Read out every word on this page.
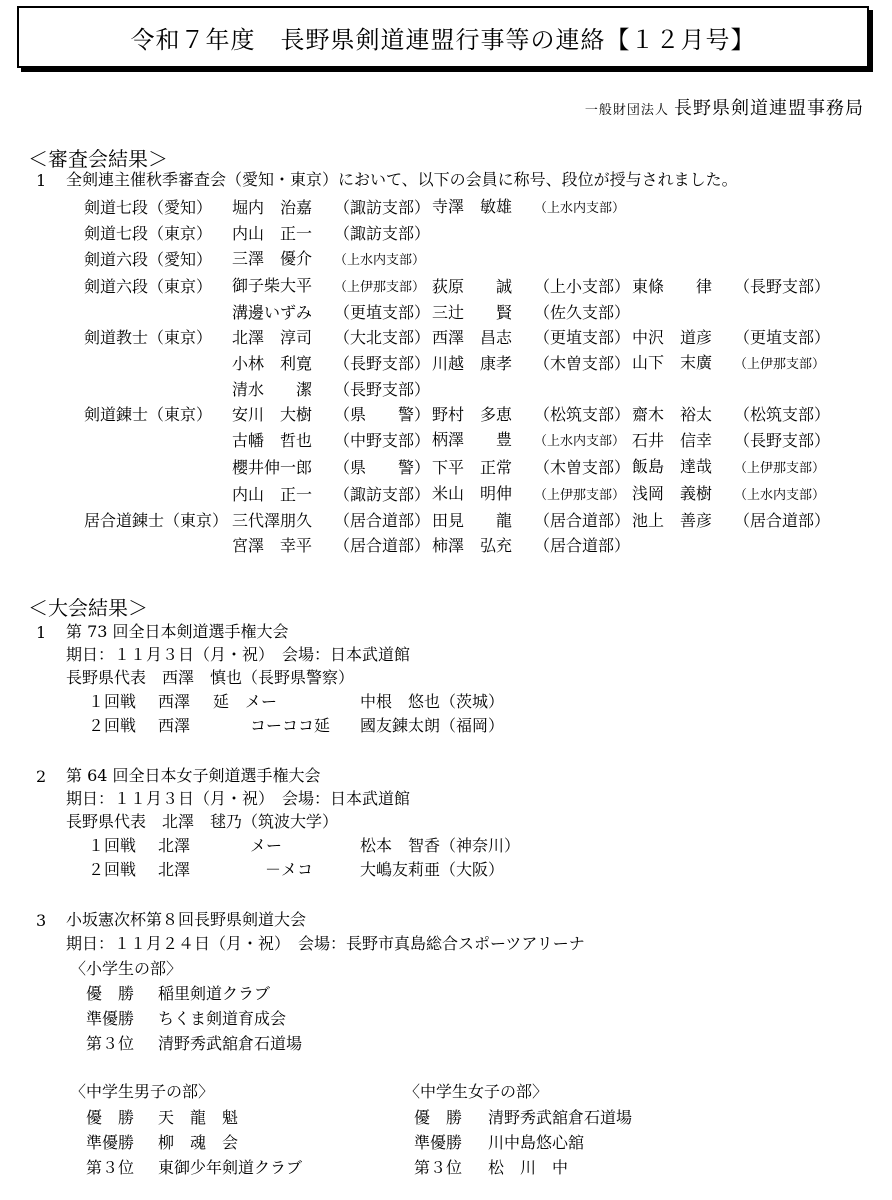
令和７年度　長野県剣道連盟行事等の連絡【１２月号】
一般財団法人 長野県剣道連盟事務局
＜審査会結果＞
1 全剣連主催秋季審査会（愛知・東京）において、以下の会員に称号、段位が授与されました。
剣道七段（愛知）	堀内　治嘉 （諏訪支部）	寺澤　敏雄 （上水内支部）	
剣道七段（東京）	内山　正一 （諏訪支部）		
剣道六段（愛知）	三澤　優介 （上水内支部）		
剣道六段（東京）	御子柴大平 （上伊那支部）	荻原　　誠 （上小支部）	東條　　律 （長野支部）
	溝邊いずみ （更埴支部）	三辻　　賢 （佐久支部）	
剣道教士（東京）	北澤　淳司 （大北支部）	西澤　昌志 （更埴支部）	中沢　道彦 （更埴支部）
	小林　利寛 （長野支部）	川越　康孝 （木曽支部）	山下　末廣 （上伊那支部）
	清水　　潔 （長野支部）		
剣道錬士（東京）	安川　大樹 （県　　警）	野村　多恵 （松筑支部）	齋木　裕太 （松筑支部）
	古幡　哲也 （中野支部）	柄澤　　豊 （上水内支部）	石井　信幸 （長野支部）
	櫻井伸一郎 （県　　警）	下平　正常 （木曽支部）	飯島　達哉 （上伊那支部）
	内山　正一 （諏訪支部）	米山　明伸 （上伊那支部）	浅岡　義樹 （上水内支部）
居合道錬士（東京）	三代澤朋久 （居合道部）	田見　　龍 （居合道部）	池上　善彦 （居合道部）
	宮澤　幸平 （居合道部）	柿澤　弘充 （居合道部）	
＜大会結果＞
1 第 73 回全日本剣道選手権大会
期日：１１月３日（月・祝）　会場：日本武道館
長野県代表　西澤　慎也（長野県警察）
１回戦 西澤 延　メー	中根　悠也（茨城）
２回戦 西澤	コーココ延 國友錬太朗（福岡）
2 第 64 回全日本女子剣道選手権大会
期日：１１月３日（月・祝）　会場：日本武道館
長野県代表　北澤　毬乃（筑波大学）
１回戦 北澤	メー	松本　智香（神奈川）
２回戦 北澤	－メコ	大嶋友莉亜（大阪）
3 小坂憲次杯第８回長野県剣道大会
期日：１１月２４日（月・祝）　会場：長野市真島総合スポーツアリーナ
〈小学生の部〉
優　勝 稲里剣道クラブ
準優勝 ちくま剣道育成会
第３位 清野秀武舘倉石道場
〈中学生男子の部〉
優　勝 天　龍　魁
準優勝 柳　魂　会
第３位 東御少年剣道クラブ
〈中学生女子の部〉
優　勝 清野秀武舘倉石道場
準優勝 川中島悠心舘
第３位 松　川　中
